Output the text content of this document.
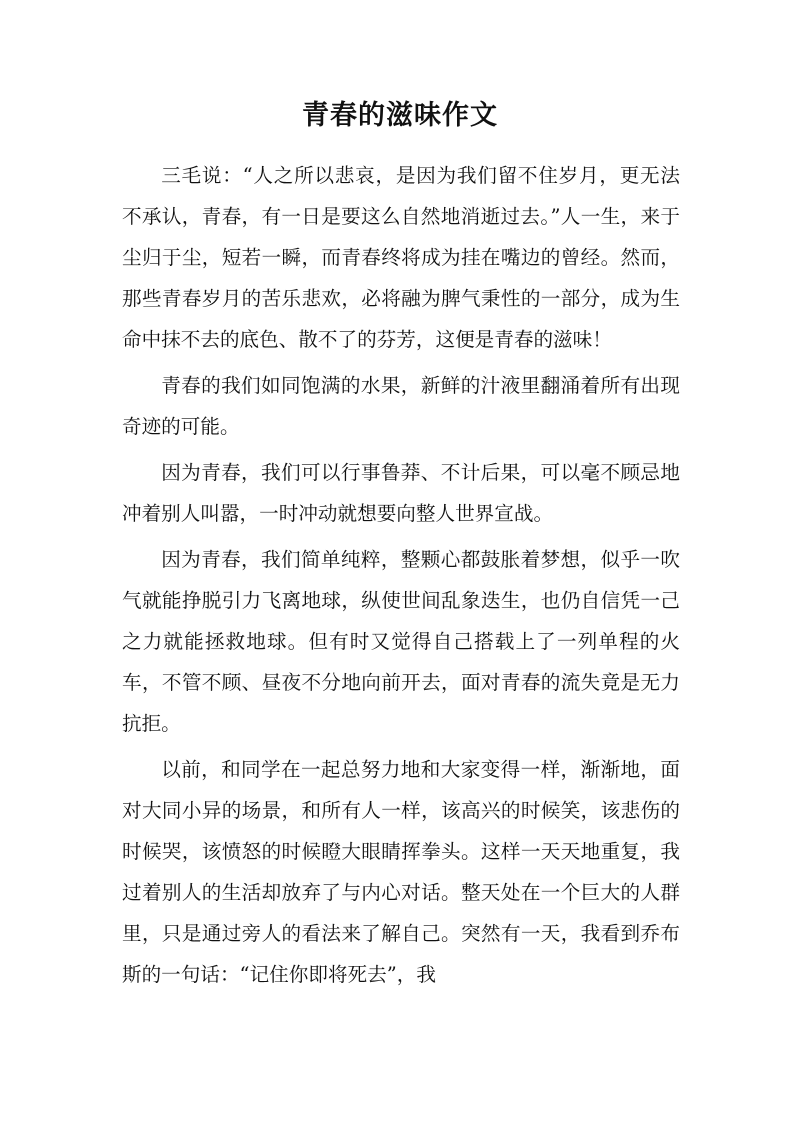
青春的滋味作文

三毛说：“人之所以悲哀，是因为我们留不住岁月，更无法不承认，青春，有一日是要这么自然地消逝过去。”人一生，来于尘归于尘，短若一瞬，而青春终将成为挂在嘴边的曾经。然而，那些青春岁月的苦乐悲欢，必将融为脾气秉性的一部分，成为生命中抹不去的底色、散不了的芬芳，这便是青春的滋味！

青春的我们如同饱满的水果，新鲜的汁液里翻涌着所有出现奇迹的可能。

因为青春，我们可以行事鲁莽、不计后果，可以毫不顾忌地冲着别人叫嚣，一时冲动就想要向整人世界宣战。

因为青春，我们简单纯粹，整颗心都鼓胀着梦想，似乎一吹气就能挣脱引力飞离地球，纵使世间乱象迭生，也仍自信凭一己之力就能拯救地球。但有时又觉得自己搭载上了一列单程的火车，不管不顾、昼夜不分地向前开去，面对青春的流失竟是无力抗拒。

以前，和同学在一起总努力地和大家变得一样，渐渐地，面对大同小异的场景，和所有人一样，该高兴的时候笑，该悲伤的时候哭，该愤怒的时候瞪大眼睛挥拳头。这样一天天地重复，我过着别人的生活却放弃了与内心对话。整天处在一个巨大的人群里，只是通过旁人的看法来了解自己。突然有一天，我看到乔布斯的一句话：“记住你即将死去”，我
